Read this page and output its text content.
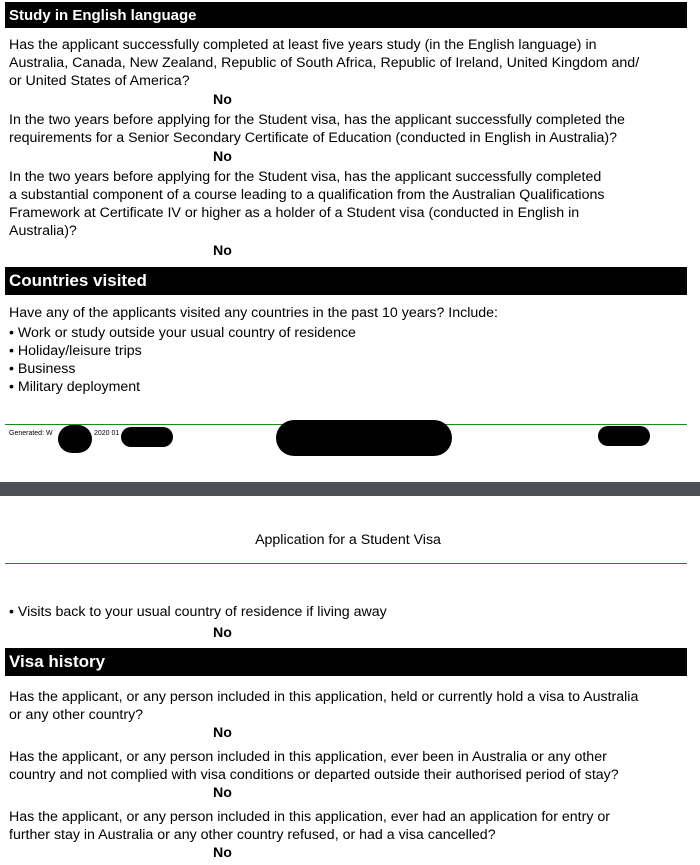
Study in English language
Has the applicant successfully completed at least five years study (in the English language) in
Australia, Canada, New Zealand, Republic of South Africa, Republic of Ireland, United Kingdom and/
or United States of America?
No
In the two years before applying for the Student visa, has the applicant successfully completed the
requirements for a Senior Secondary Certificate of Education (conducted in English in Australia)?
No
In the two years before applying for the Student visa, has the applicant successfully completed
a substantial component of a course leading to a qualification from the Australian Qualifications
Framework at Certificate IV or higher as a holder of a Student visa (conducted in English in
Australia)?
No
Countries visited
Have any of the applicants visited any countries in the past 10 years? Include:
• Work or study outside your usual country of residence
• Holiday/leisure trips
• Business
• Military deployment
Generated: W	2020 01
Application for a Student Visa
• Visits back to your usual country of residence if living away
No
Visa history
Has the applicant, or any person included in this application, held or currently hold a visa to Australia
or any other country?
No
Has the applicant, or any person included in this application, ever been in Australia or any other
country and not complied with visa conditions or departed outside their authorised period of stay?
No
Has the applicant, or any person included in this application, ever had an application for entry or
further stay in Australia or any other country refused, or had a visa cancelled?
No
